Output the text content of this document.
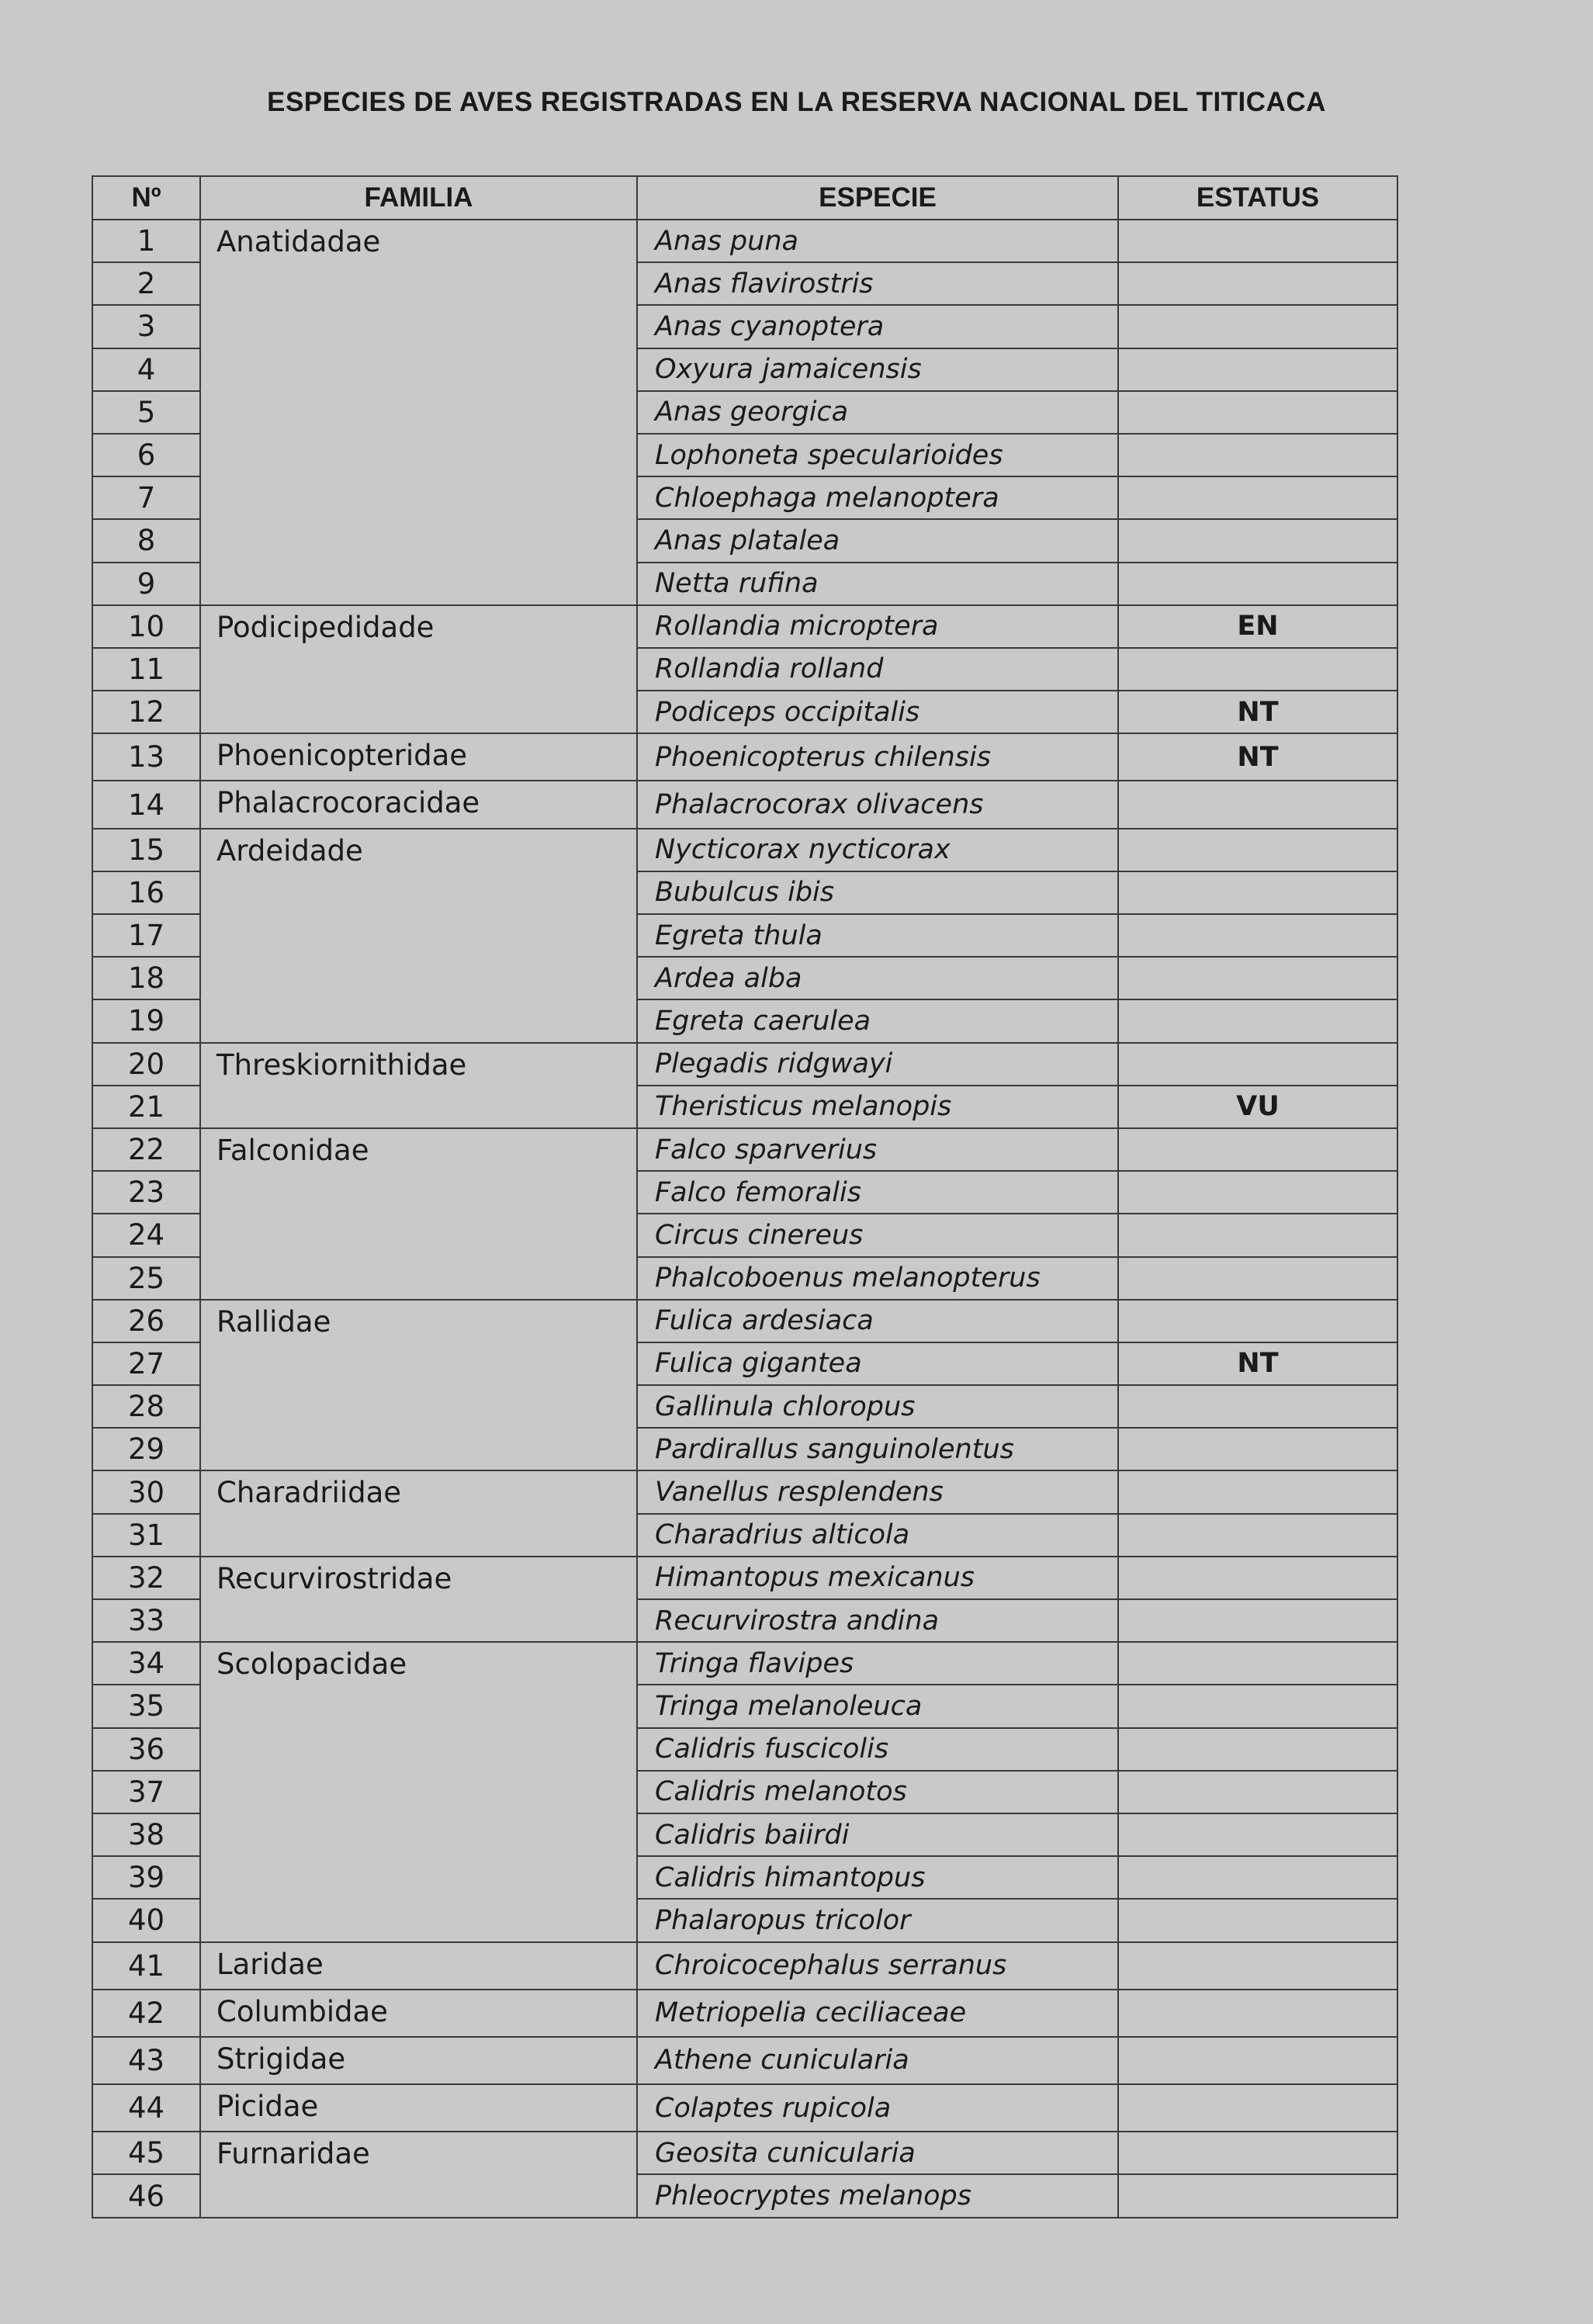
ESPECIES DE AVES REGISTRADAS EN LA RESERVA NACIONAL DEL TITICACA
Nº	FAMILIA	ESPECIE	ESTATUS
1	Anatidadae	Anas puna	
2		Anas flavirostris	
3		Anas cyanoptera	
4		Oxyura jamaicensis	
5		Anas georgica	
6		Lophoneta specularioides	
7		Chloephaga melanoptera	
8		Anas platalea	
9		Netta rufina	
10	Podicipedidade	Rollandia microptera	EN
11		Rollandia rolland	
12		Podiceps occipitalis	NT
13	Phoenicopteridae	Phoenicopterus chilensis	NT
14	Phalacrocoracidae	Phalacrocorax olivacens	
15	Ardeidade	Nycticorax nycticorax	
16		Bubulcus ibis	
17		Egreta thula	
18		Ardea alba	
19		Egreta caerulea	
20	Threskiornithidae	Plegadis ridgwayi	
21		Theristicus melanopis	VU
22	Falconidae	Falco sparverius	
23		Falco femoralis	
24		Circus cinereus	
25		Phalcoboenus melanopterus	
26	Rallidae	Fulica ardesiaca	
27		Fulica gigantea	NT
28		Gallinula chloropus	
29		Pardirallus sanguinolentus	
30	Charadriidae	Vanellus resplendens	
31		Charadrius alticola	
32	Recurvirostridae	Himantopus mexicanus	
33		Recurvirostra andina	
34	Scolopacidae	Tringa flavipes	
35		Tringa melanoleuca	
36		Calidris fuscicolis	
37		Calidris melanotos	
38		Calidris baiirdi	
39		Calidris himantopus	
40		Phalaropus tricolor	
41	Laridae	Chroicocephalus serranus	
42	Columbidae	Metriopelia ceciliaceae	
43	Strigidae	Athene cunicularia	
44	Picidae	Colaptes rupicola	
45	Furnaridae	Geosita cunicularia	
46		Phleocryptes melanops	
